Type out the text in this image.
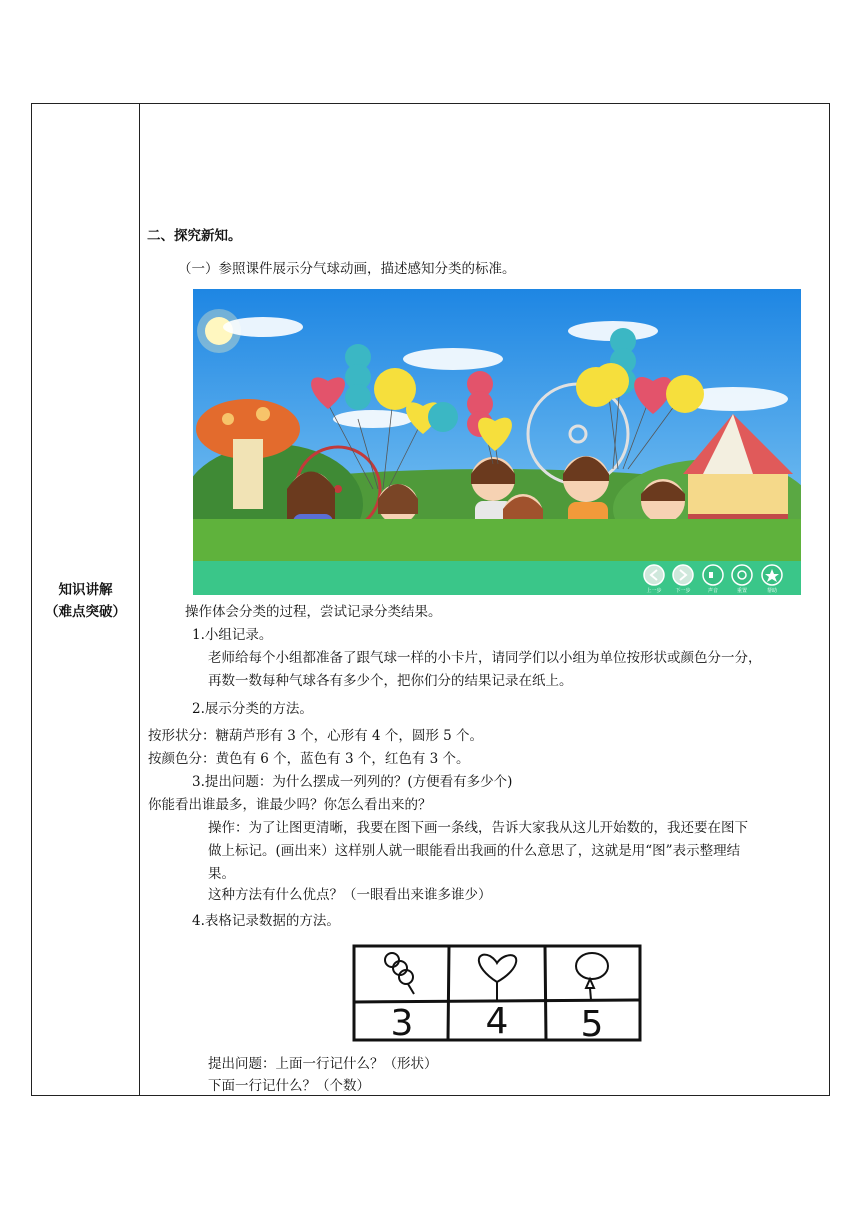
知识讲解
（难点突破）
二、探究新知。
（一）参照课件展示分气球动画，描述感知分类的标准。
上一步	下一步	声音	重置	帮助
操作体会分类的过程，尝试记录分类结果。
1.小组记录。
老师给每个小组都准备了跟气球一样的小卡片，请同学们以小组为单位按形状或颜色分一分，
再数一数每种气球各有多少个，把你们分的结果记录在纸上。
2.展示分类的方法。
按形状分：糖葫芦形有 3 个，心形有 4 个，圆形 5 个。
按颜色分：黄色有 6 个，蓝色有 3 个，红色有 3 个。
3.提出问题：为什么摆成一列列的？(方便看有多少个)
你能看出谁最多，谁最少吗？你怎么看出来的？
操作：为了让图更清晰，我要在图下画一条线，告诉大家我从这儿开始数的，我还要在图下
做上标记。(画出来）这样别人就一眼能看出我画的什么意思了，这就是用“图”表示整理结
果。
这种方法有什么优点？（一眼看出来谁多谁少）
4.表格记录数据的方法。
3 4 5
提出问题：上面一行记什么？（形状）
下面一行记什么？（个数）
